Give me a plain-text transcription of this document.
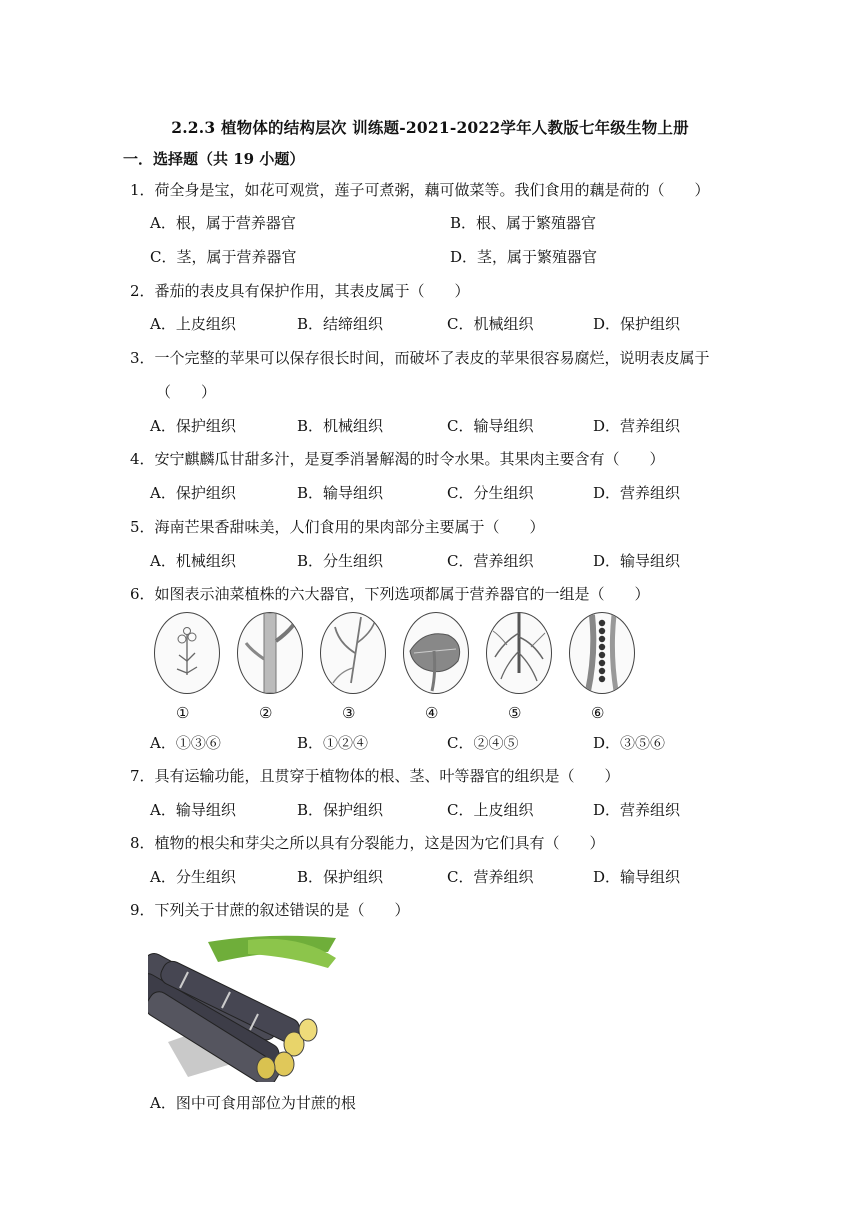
2.2.3 植物体的结构层次 训练题-2021-2022学年人教版七年级生物上册
一．选择题（共 19 小题）
1．荷全身是宝，如花可观赏，莲子可煮粥，藕可做菜等。我们食用的藕是荷的（　　）
A．根，属于营养器官	B．根、属于繁殖器官
C．茎，属于营养器官	D．茎，属于繁殖器官
2．番茄的表皮具有保护作用，其表皮属于（　　）
A．上皮组织	B．结缔组织	C．机械组织	D．保护组织
3．一个完整的苹果可以保存很长时间，而破坏了表皮的苹果很容易腐烂，说明表皮属于
（　　）
A．保护组织	B．机械组织	C．输导组织	D．营养组织
4．安宁麒麟瓜甘甜多汁，是夏季消暑解渴的时令水果。其果肉主要含有（　　）
A．保护组织	B．输导组织	C．分生组织	D．营养组织
5．海南芒果香甜味美，人们食用的果肉部分主要属于（　　）
A．机械组织	B．分生组织	C．营养组织	D．输导组织
6．如图表示油菜植株的六大器官，下列选项都属于营养器官的一组是（　　）
①	②	③	④	⑤	⑥
A．①③⑥	B．①②④	C．②④⑤	D．③⑤⑥
7．具有运输功能，且贯穿于植物体的根、茎、叶等器官的组织是（　　）
A．输导组织	B．保护组织	C．上皮组织	D．营养组织
8．植物的根尖和芽尖之所以具有分裂能力，这是因为它们具有（　　）
A．分生组织	B．保护组织	C．营养组织	D．输导组织
9．下列关于甘蔗的叙述错误的是（　　）
A．图中可食用部位为甘蔗的根
